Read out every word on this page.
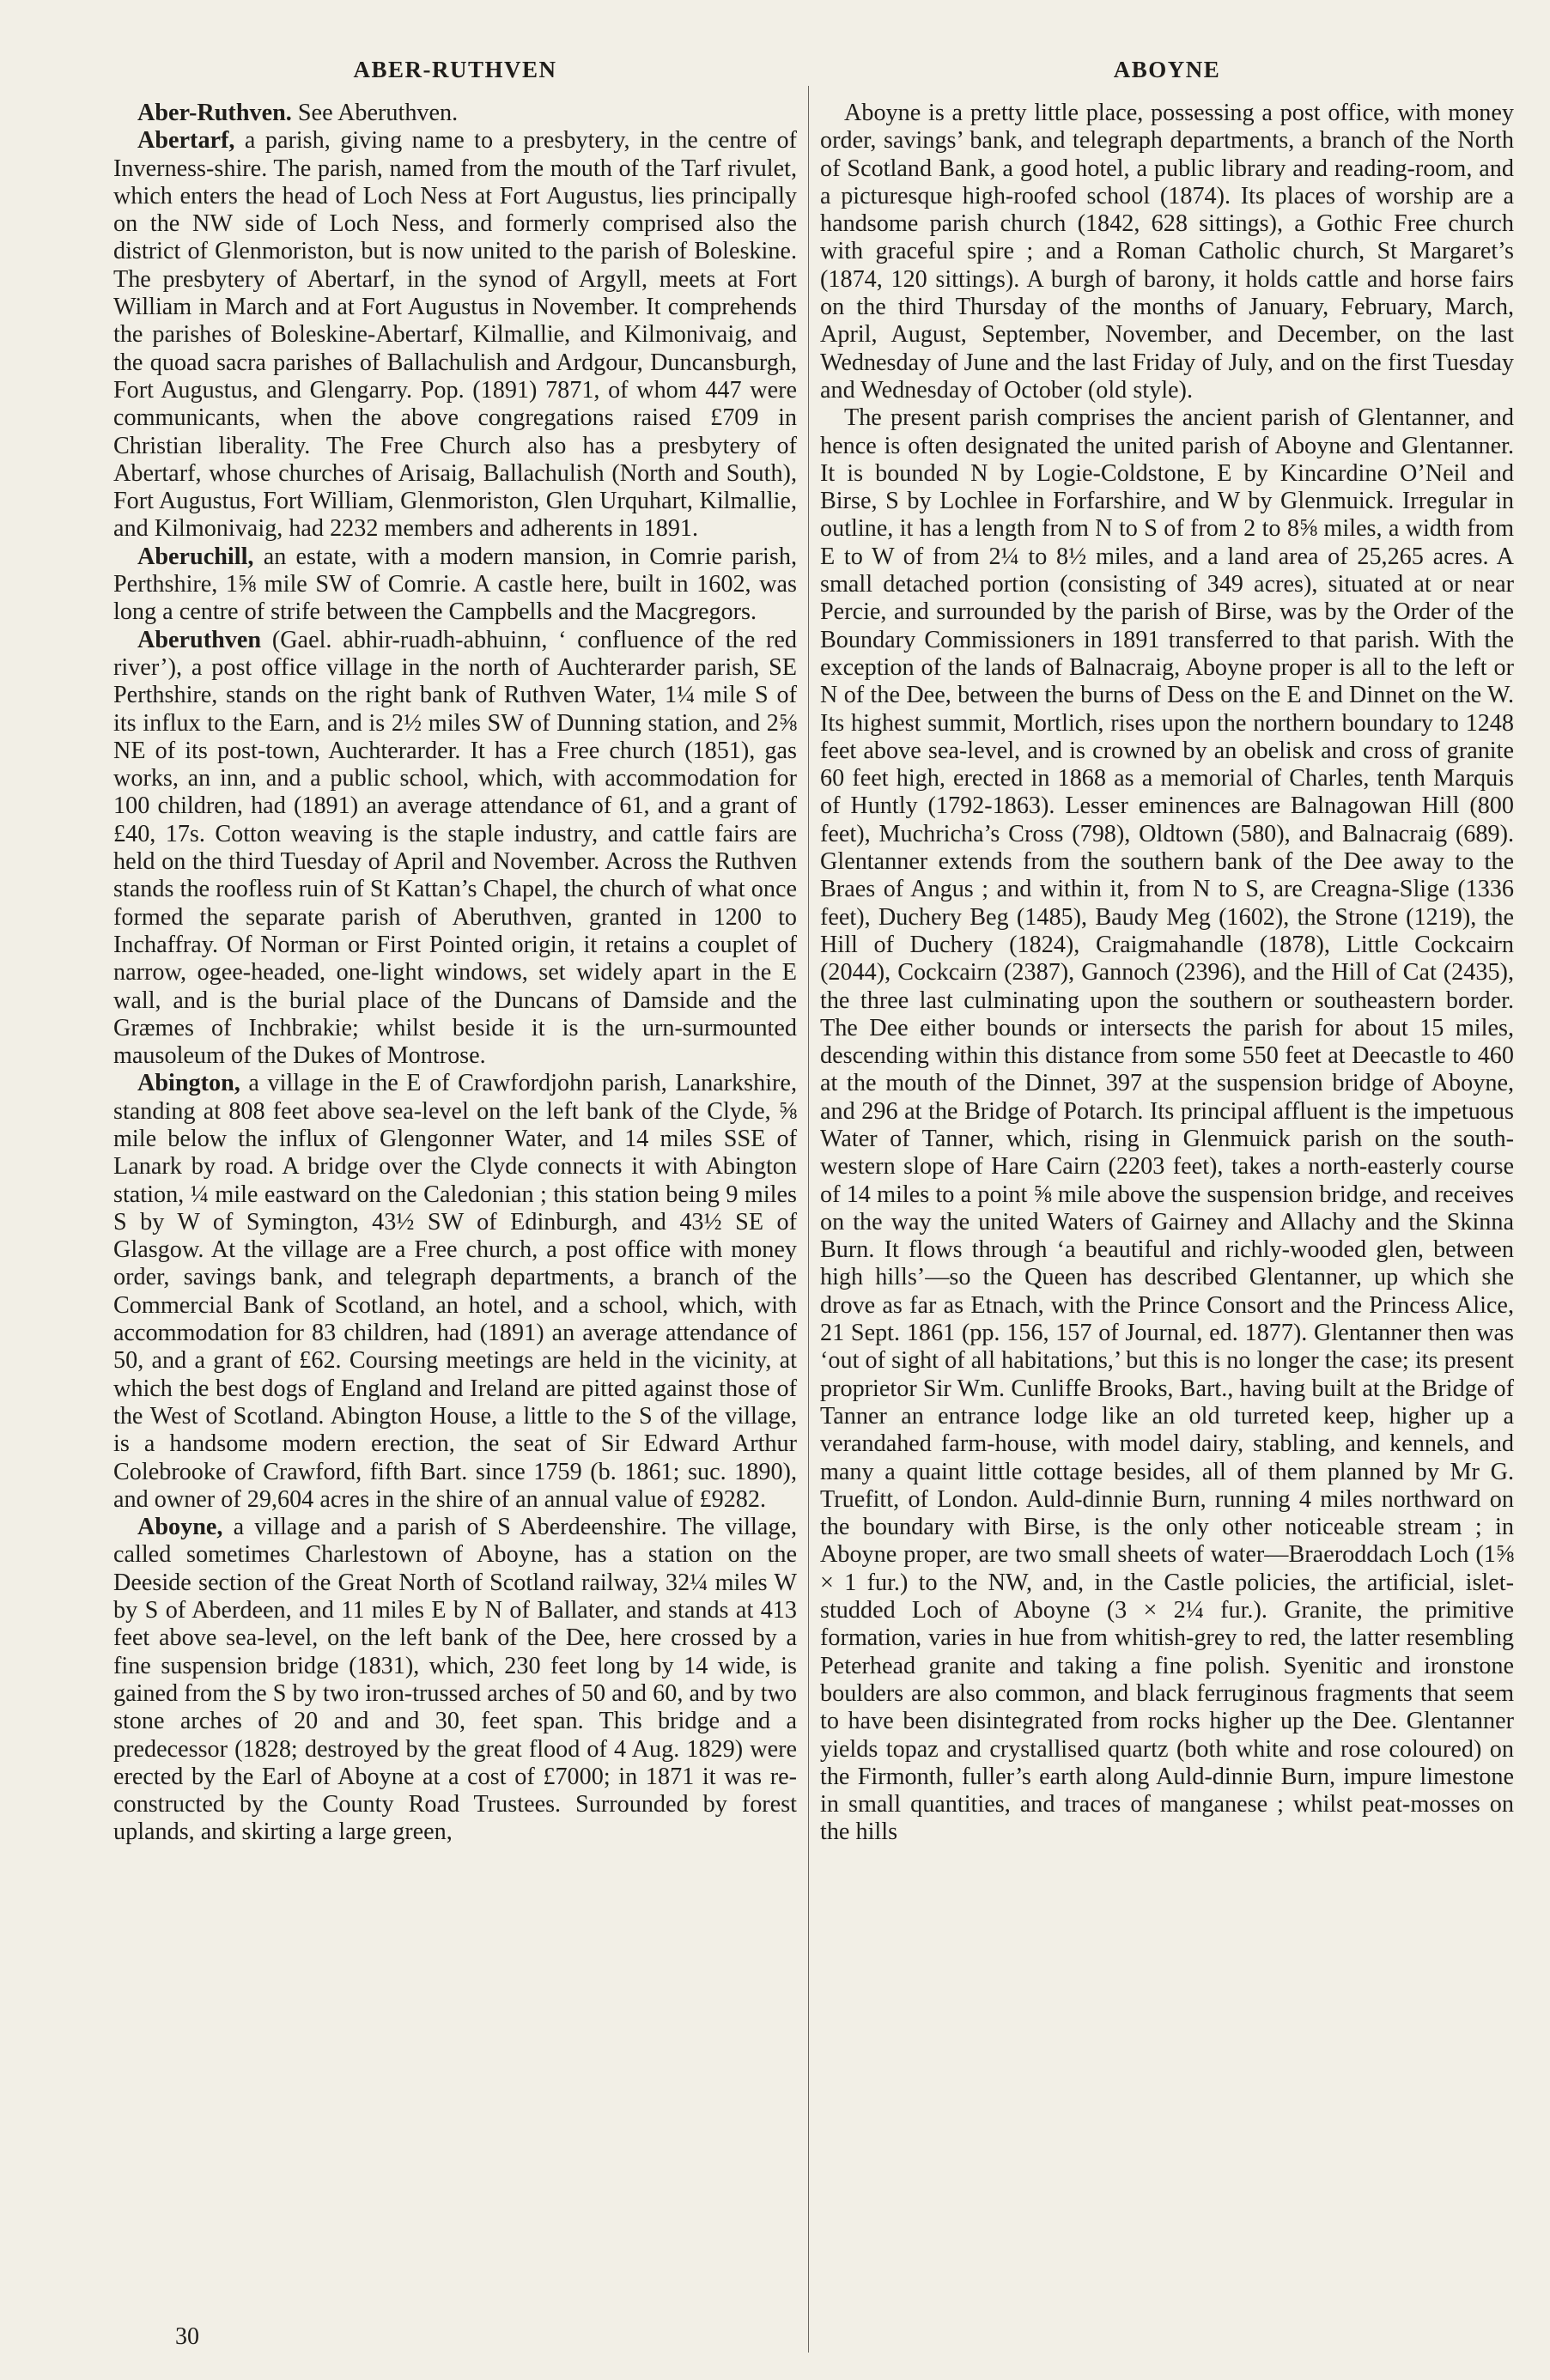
ABER-RUTHVEN	ABOYNE

Aber-Ruthven. See Aberuthven.

Abertarf, a parish, giving name to a presbytery, in the centre of Inverness-shire. The parish, named from the mouth of the Tarf rivulet, which enters the head of Loch Ness at Fort Augustus, lies principally on the NW side of Loch Ness, and formerly comprised also the district of Glenmoriston, but is now united to the parish of Boleskine. The presbytery of Abertarf, in the synod of Argyll, meets at Fort William in March and at Fort Augustus in November. It comprehends the parishes of Boleskine-Abertarf, Kilmallie, and Kilmonivaig, and the quoad sacra parishes of Ballachulish and Ardgour, Duncansburgh, Fort Augustus, and Glengarry. Pop. (1891) 7871, of whom 447 were communicants, when the above congregations raised £709 in Christian liberality. The Free Church also has a presbytery of Abertarf, whose churches of Arisaig, Ballachulish (North and South), Fort Augustus, Fort William, Glenmoriston, Glen Urquhart, Kilmallie, and Kilmonivaig, had 2232 members and adherents in 1891.

Aberuchill, an estate, with a modern mansion, in Comrie parish, Perthshire, 1⅝ mile SW of Comrie. A castle here, built in 1602, was long a centre of strife between the Campbells and the Macgregors.

Aberuthven (Gael. abhir-ruadh-abhuinn, ‘ confluence of the red river’), a post office village in the north of Auchterarder parish, SE Perthshire, stands on the right bank of Ruthven Water, 1¼ mile S of its influx to the Earn, and is 2½ miles SW of Dunning station, and 2⅝ NE of its post-town, Auchterarder. It has a Free church (1851), gas works, an inn, and a public school, which, with accommodation for 100 children, had (1891) an average attendance of 61, and a grant of £40, 17s. Cotton weaving is the staple industry, and cattle fairs are held on the third Tuesday of April and November. Across the Ruthven stands the roofless ruin of St Kattan’s Chapel, the church of what once formed the separate parish of Aberuthven, granted in 1200 to Inchaffray. Of Norman or First Pointed origin, it retains a couplet of narrow, ogee-headed, one-light windows, set widely apart in the E wall, and is the burial place of the Duncans of Damside and the Græmes of Inchbrakie; whilst beside it is the urn-surmounted mausoleum of the Dukes of Montrose.

Abington, a village in the E of Crawfordjohn parish, Lanarkshire, standing at 808 feet above sea-level on the left bank of the Clyde, ⅝ mile below the influx of Glengonner Water, and 14 miles SSE of Lanark by road. A bridge over the Clyde connects it with Abington station, ¼ mile eastward on the Caledonian ; this station being 9 miles S by W of Symington, 43½ SW of Edinburgh, and 43½ SE of Glasgow. At the village are a Free church, a post office with money order, savings bank, and telegraph departments, a branch of the Commercial Bank of Scotland, an hotel, and a school, which, with accommodation for 83 children, had (1891) an average attendance of 50, and a grant of £62. Coursing meetings are held in the vicinity, at which the best dogs of England and Ireland are pitted against those of the West of Scotland. Abington House, a little to the S of the village, is a handsome modern erection, the seat of Sir Edward Arthur Colebrooke of Crawford, fifth Bart. since 1759 (b. 1861; suc. 1890), and owner of 29,604 acres in the shire of an annual value of £9282.

Aboyne, a village and a parish of S Aberdeenshire. The village, called sometimes Charlestown of Aboyne, has a station on the Deeside section of the Great North of Scotland railway, 32¼ miles W by S of Aberdeen, and 11 miles E by N of Ballater, and stands at 413 feet above sea-level, on the left bank of the Dee, here crossed by a fine suspension bridge (1831), which, 230 feet long by 14 wide, is gained from the S by two iron-trussed arches of 50 and 60, and by two stone arches of 20 and and 30, feet span. This bridge and a predecessor (1828; destroyed by the great flood of 4 Aug. 1829) were erected by the Earl of Aboyne at a cost of £7000; in 1871 it was re-constructed by the County Road Trustees. Surrounded by forest uplands, and skirting a large green,

Aboyne is a pretty little place, possessing a post office, with money order, savings’ bank, and telegraph departments, a branch of the North of Scotland Bank, a good hotel, a public library and reading-room, and a picturesque high-roofed school (1874). Its places of worship are a handsome parish church (1842, 628 sittings), a Gothic Free church with graceful spire ; and a Roman Catholic church, St Margaret’s (1874, 120 sittings). A burgh of barony, it holds cattle and horse fairs on the third Thursday of the months of January, February, March, April, August, September, November, and December, on the last Wednesday of June and the last Friday of July, and on the first Tuesday and Wednesday of October (old style).

The present parish comprises the ancient parish of Glentanner, and hence is often designated the united parish of Aboyne and Glentanner. It is bounded N by Logie-Coldstone, E by Kincardine O’Neil and Birse, S by Lochlee in Forfarshire, and W by Glenmuick. Irregular in outline, it has a length from N to S of from 2 to 8⅝ miles, a width from E to W of from 2¼ to 8½ miles, and a land area of 25,265 acres. A small detached portion (consisting of 349 acres), situated at or near Percie, and surrounded by the parish of Birse, was by the Order of the Boundary Commissioners in 1891 transferred to that parish. With the exception of the lands of Balnacraig, Aboyne proper is all to the left or N of the Dee, between the burns of Dess on the E and Dinnet on the W. Its highest summit, Mortlich, rises upon the northern boundary to 1248 feet above sea-level, and is crowned by an obelisk and cross of granite 60 feet high, erected in 1868 as a memorial of Charles, tenth Marquis of Huntly (1792-1863). Lesser eminences are Balnagowan Hill (800 feet), Muchricha’s Cross (798), Oldtown (580), and Balnacraig (689). Glentanner extends from the southern bank of the Dee away to the Braes of Angus ; and within it, from N to S, are Creagna-Slige (1336 feet), Duchery Beg (1485), Baudy Meg (1602), the Strone (1219), the Hill of Duchery (1824), Craigmahandle (1878), Little Cockcairn (2044), Cockcairn (2387), Gannoch (2396), and the Hill of Cat (2435), the three last culminating upon the southern or southeastern border. The Dee either bounds or intersects the parish for about 15 miles, descending within this distance from some 550 feet at Deecastle to 460 at the mouth of the Dinnet, 397 at the suspension bridge of Aboyne, and 296 at the Bridge of Potarch. Its principal affluent is the impetuous Water of Tanner, which, rising in Glenmuick parish on the south-western slope of Hare Cairn (2203 feet), takes a north-easterly course of 14 miles to a point ⅝ mile above the suspension bridge, and receives on the way the united Waters of Gairney and Allachy and the Skinna Burn. It flows through ‘a beautiful and richly-wooded glen, between high hills’—so the Queen has described Glentanner, up which she drove as far as Etnach, with the Prince Consort and the Princess Alice, 21 Sept. 1861 (pp. 156, 157 of Journal, ed. 1877). Glentanner then was ‘out of sight of all habitations,’ but this is no longer the case; its present proprietor Sir Wm. Cunliffe Brooks, Bart., having built at the Bridge of Tanner an entrance lodge like an old turreted keep, higher up a verandahed farm-house, with model dairy, stabling, and kennels, and many a quaint little cottage besides, all of them planned by Mr G. Truefitt, of London. Auld-dinnie Burn, running 4 miles northward on the boundary with Birse, is the only other noticeable stream ; in Aboyne proper, are two small sheets of water—Braeroddach Loch (1⅝ × 1 fur.) to the NW, and, in the Castle policies, the artificial, islet-studded Loch of Aboyne (3 × 2¼ fur.). Granite, the primitive formation, varies in hue from whitish-grey to red, the latter resembling Peterhead granite and taking a fine polish. Syenitic and ironstone boulders are also common, and black ferruginous fragments that seem to have been disintegrated from rocks higher up the Dee. Glentanner yields topaz and crystallised quartz (both white and rose coloured) on the Firmonth, fuller’s earth along Auld-dinnie Burn, impure limestone in small quantities, and traces of manganese ; whilst peat-mosses on the hills

30
